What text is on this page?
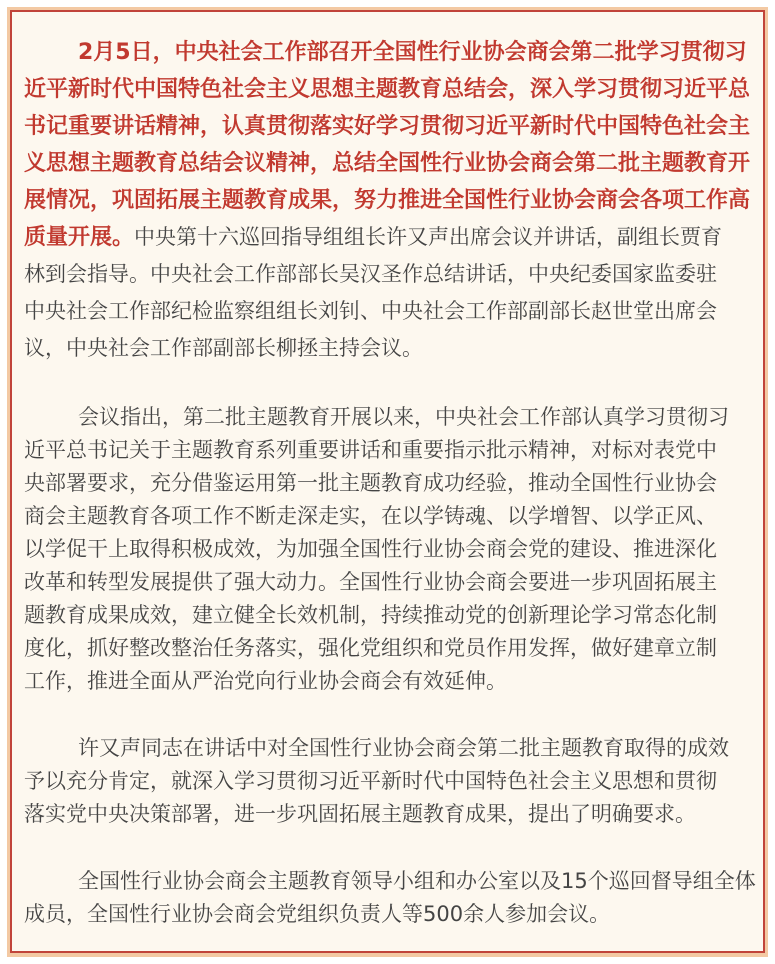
2月5日，中央社会工作部召开全国性行业协会商会第二批学习贯彻习
近平新时代中国特色社会主义思想主题教育总结会，深入学习贯彻习近平总
书记重要讲话精神，认真贯彻落实好学习贯彻习近平新时代中国特色社会主
义思想主题教育总结会议精神，总结全国性行业协会商会第二批主题教育开
展情况，巩固拓展主题教育成果，努力推进全国性行业协会商会各项工作高
质量开展。中央第十六巡回指导组组长许又声出席会议并讲话，副组长贾育
林到会指导。中央社会工作部部长吴汉圣作总结讲话，中央纪委国家监委驻
中央社会工作部纪检监察组组长刘钊、中央社会工作部副部长赵世堂出席会
议，中央社会工作部副部长柳拯主持会议。
会议指出，第二批主题教育开展以来，中央社会工作部认真学习贯彻习
近平总书记关于主题教育系列重要讲话和重要指示批示精神，对标对表党中
央部署要求，充分借鉴运用第一批主题教育成功经验，推动全国性行业协会
商会主题教育各项工作不断走深走实，在以学铸魂、以学增智、以学正风、
以学促干上取得积极成效，为加强全国性行业协会商会党的建设、推进深化
改革和转型发展提供了强大动力。全国性行业协会商会要进一步巩固拓展主
题教育成果成效，建立健全长效机制，持续推动党的创新理论学习常态化制
度化，抓好整改整治任务落实，强化党组织和党员作用发挥，做好建章立制
工作，推进全面从严治党向行业协会商会有效延伸。
许又声同志在讲话中对全国性行业协会商会第二批主题教育取得的成效
予以充分肯定，就深入学习贯彻习近平新时代中国特色社会主义思想和贯彻
落实党中央决策部署，进一步巩固拓展主题教育成果，提出了明确要求。
全国性行业协会商会主题教育领导小组和办公室以及15个巡回督导组全体
成员，全国性行业协会商会党组织负责人等500余人参加会议。
